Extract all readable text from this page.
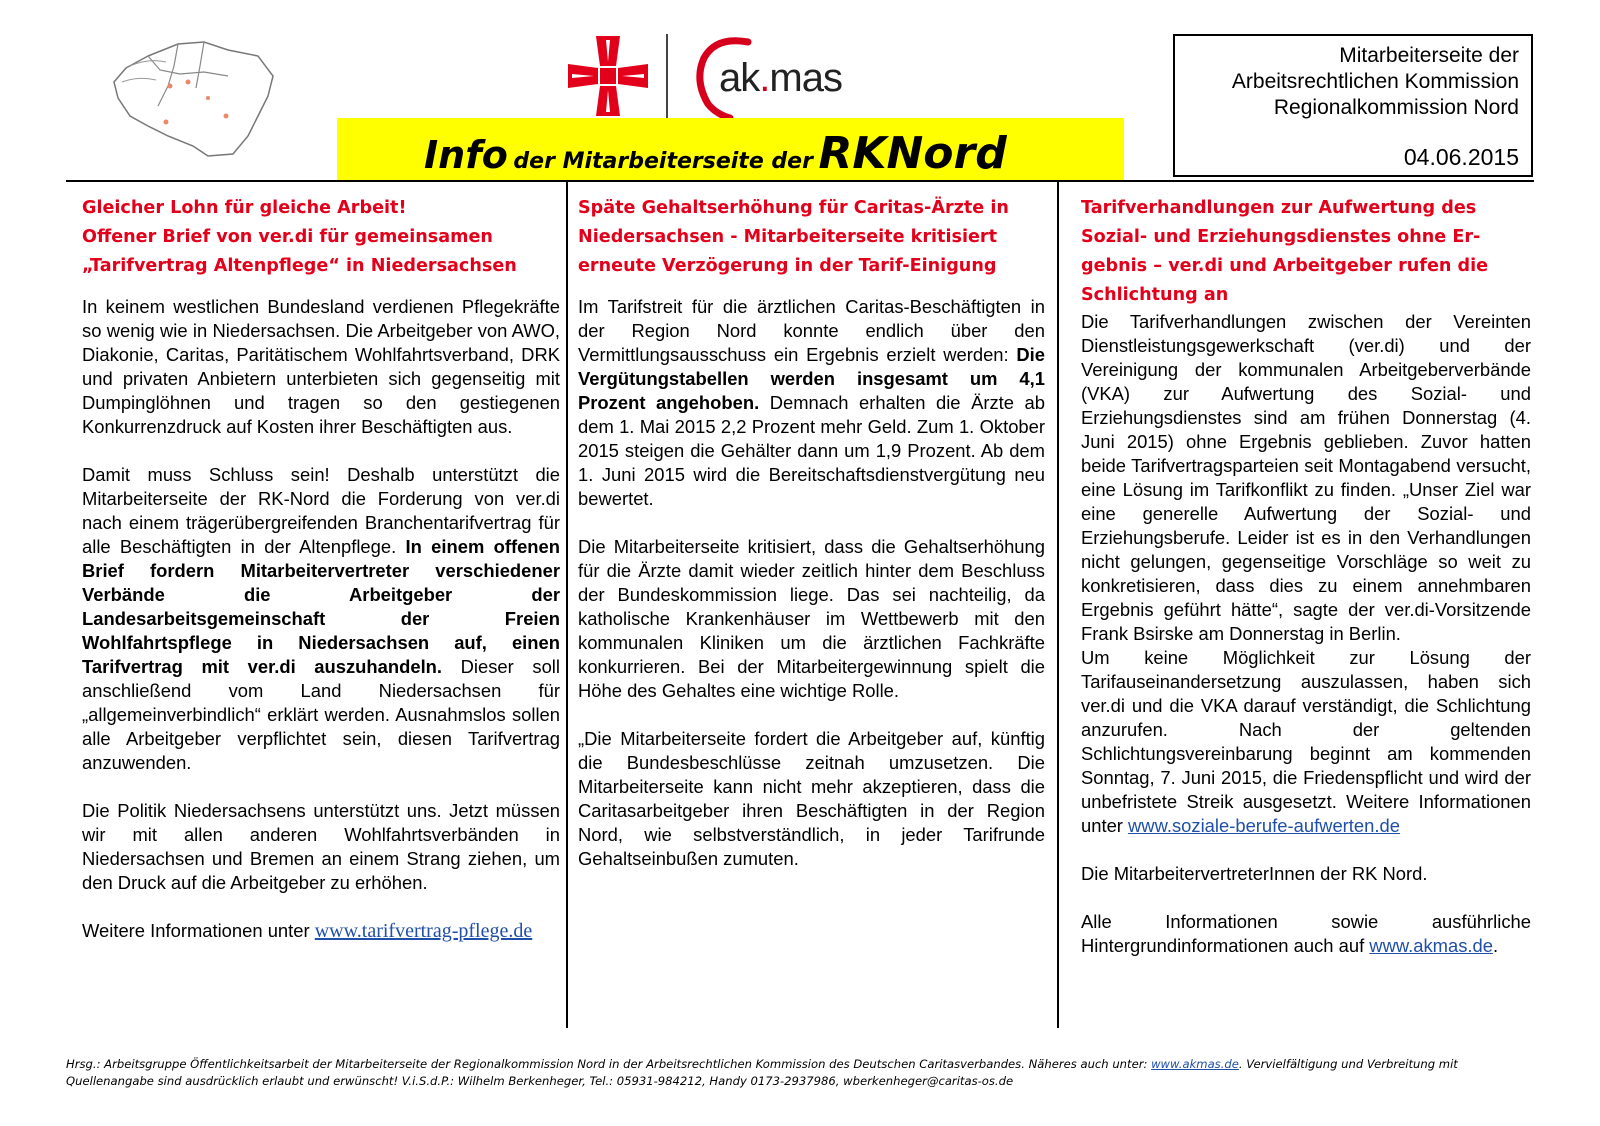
ak.mas
Info der Mitarbeiterseite der RKNord
Mitarbeiterseite der
Arbeitsrechtlichen Kommission
Regionalkommission Nord
04.06.2015
Gleicher Lohn für gleiche Arbeit!
Offener Brief von ver.di für gemeinsamen
„Tarifvertrag Altenpflege“ in Niedersachsen

In keinem westlichen Bundesland verdienen Pflegekräfte so wenig wie in Niedersachsen. Die Arbeitgeber von AWO, Diakonie, Caritas, Paritätischem Wohlfahrtsverband, DRK und privaten Anbietern unterbieten sich gegenseitig mit Dumpinglöhnen und tragen so den gestiegenen Konkurrenzdruck auf Kosten ihrer Beschäftigten aus.

Damit muss Schluss sein! Deshalb unterstützt die Mitarbeiterseite der RK-Nord die Forderung von ver.di nach einem trägerübergreifenden Branchentarifvertrag für alle Beschäftigten in der Altenpflege. In einem offenen Brief fordern Mitarbeitervertreter verschiedener Verbände die Arbeitgeber der Landesarbeitsgemeinschaft der Freien Wohlfahrtspflege in Niedersachsen auf, einen Tarifvertrag mit ver.di auszuhandeln. Dieser soll anschließend vom Land Niedersachsen für „allgemeinverbindlich“ erklärt werden. Ausnahmslos sollen alle Arbeitgeber verpflichtet sein, diesen Tarifvertrag anzuwenden.

Die Politik Niedersachsens unterstützt uns. Jetzt müssen wir mit allen anderen Wohlfahrtsverbänden in Niedersachsen und Bremen an einem Strang ziehen, um den Druck auf die Arbeitgeber zu erhöhen.

Weitere Informationen unter www.tarifvertrag-pflege.de

Späte Gehaltserhöhung für Caritas-Ärzte in
Niedersachsen - Mitarbeiterseite kritisiert
erneute Verzögerung in der Tarif-Einigung

Im Tarifstreit für die ärztlichen Caritas-Beschäftigten in der Region Nord konnte endlich über den Vermittlungsausschuss ein Ergebnis erzielt werden: Die Vergütungstabellen werden insgesamt um 4,1 Prozent angehoben. Demnach erhalten die Ärzte ab dem 1. Mai 2015 2,2 Prozent mehr Geld. Zum 1. Oktober 2015 steigen die Gehälter dann um 1,9 Prozent. Ab dem 1. Juni 2015 wird die Bereitschaftsdienstvergütung neu bewertet.

Die Mitarbeiterseite kritisiert, dass die Gehaltserhöhung für die Ärzte damit wieder zeitlich hinter dem Beschluss der Bundeskommission liege. Das sei nachteilig, da katholische Krankenhäuser im Wettbewerb mit den kommunalen Kliniken um die ärztlichen Fachkräfte konkurrieren. Bei der Mitarbeitergewinnung spielt die Höhe des Gehaltes eine wichtige Rolle.

„Die Mitarbeiterseite fordert die Arbeitgeber auf, künftig die Bundesbeschlüsse zeitnah umzusetzen. Die Mitarbeiterseite kann nicht mehr akzeptieren, dass die Caritasarbeitgeber ihren Beschäftigten in der Region Nord, wie selbstverständlich, in jeder Tarifrunde Gehaltseinbußen zumuten.

Tarifverhandlungen zur Aufwertung des
Sozial- und Erziehungsdienstes ohne Er-
gebnis – ver.di und Arbeitgeber rufen die
Schlichtung an

Die Tarifverhandlungen zwischen der Vereinten Dienstleistungsgewerkschaft (ver.di) und der Vereinigung der kommunalen Arbeitgeberverbände (VKA) zur Aufwertung des Sozial- und Erziehungsdienstes sind am frühen Donnerstag (4. Juni 2015) ohne Ergebnis geblieben. Zuvor hatten beide Tarifvertragsparteien seit Montagabend versucht, eine Lösung im Tarifkonflikt zu finden. „Unser Ziel war eine generelle Aufwertung der Sozial- und Erziehungsberufe. Leider ist es in den Verhandlungen nicht gelungen, gegenseitige Vorschläge so weit zu konkretisieren, dass dies zu einem annehmbaren Ergebnis geführt hätte“, sagte der ver.di-Vorsitzende Frank Bsirske am Donnerstag in Berlin.

Um keine Möglichkeit zur Lösung der Tarifauseinandersetzung auszulassen, haben sich ver.di und die VKA darauf verständigt, die Schlichtung anzurufen. Nach der geltenden Schlichtungsvereinbarung beginnt am kommenden Sonntag, 7. Juni 2015, die Friedenspflicht und wird der unbefristete Streik ausgesetzt. Weitere Informationen unter www.soziale-berufe-aufwerten.de

Die MitarbeitervertreterInnen der RK Nord.

Alle Informationen sowie ausführliche Hintergrundinformationen auch auf www.akmas.de.

Hrsg.: Arbeitsgruppe Öffentlichkeitsarbeit der Mitarbeiterseite der Regionalkommission Nord in der Arbeitsrechtlichen Kommission des Deutschen Caritasverbandes. Näheres auch unter: www.akmas.de. Vervielfältigung und Verbreitung mit Quellenangabe sind ausdrücklich erlaubt und erwünscht! V.i.S.d.P.: Wilhelm Berkenheger, Tel.: 05931-984212, Handy 0173-2937986, wberkenheger@caritas-os.de
